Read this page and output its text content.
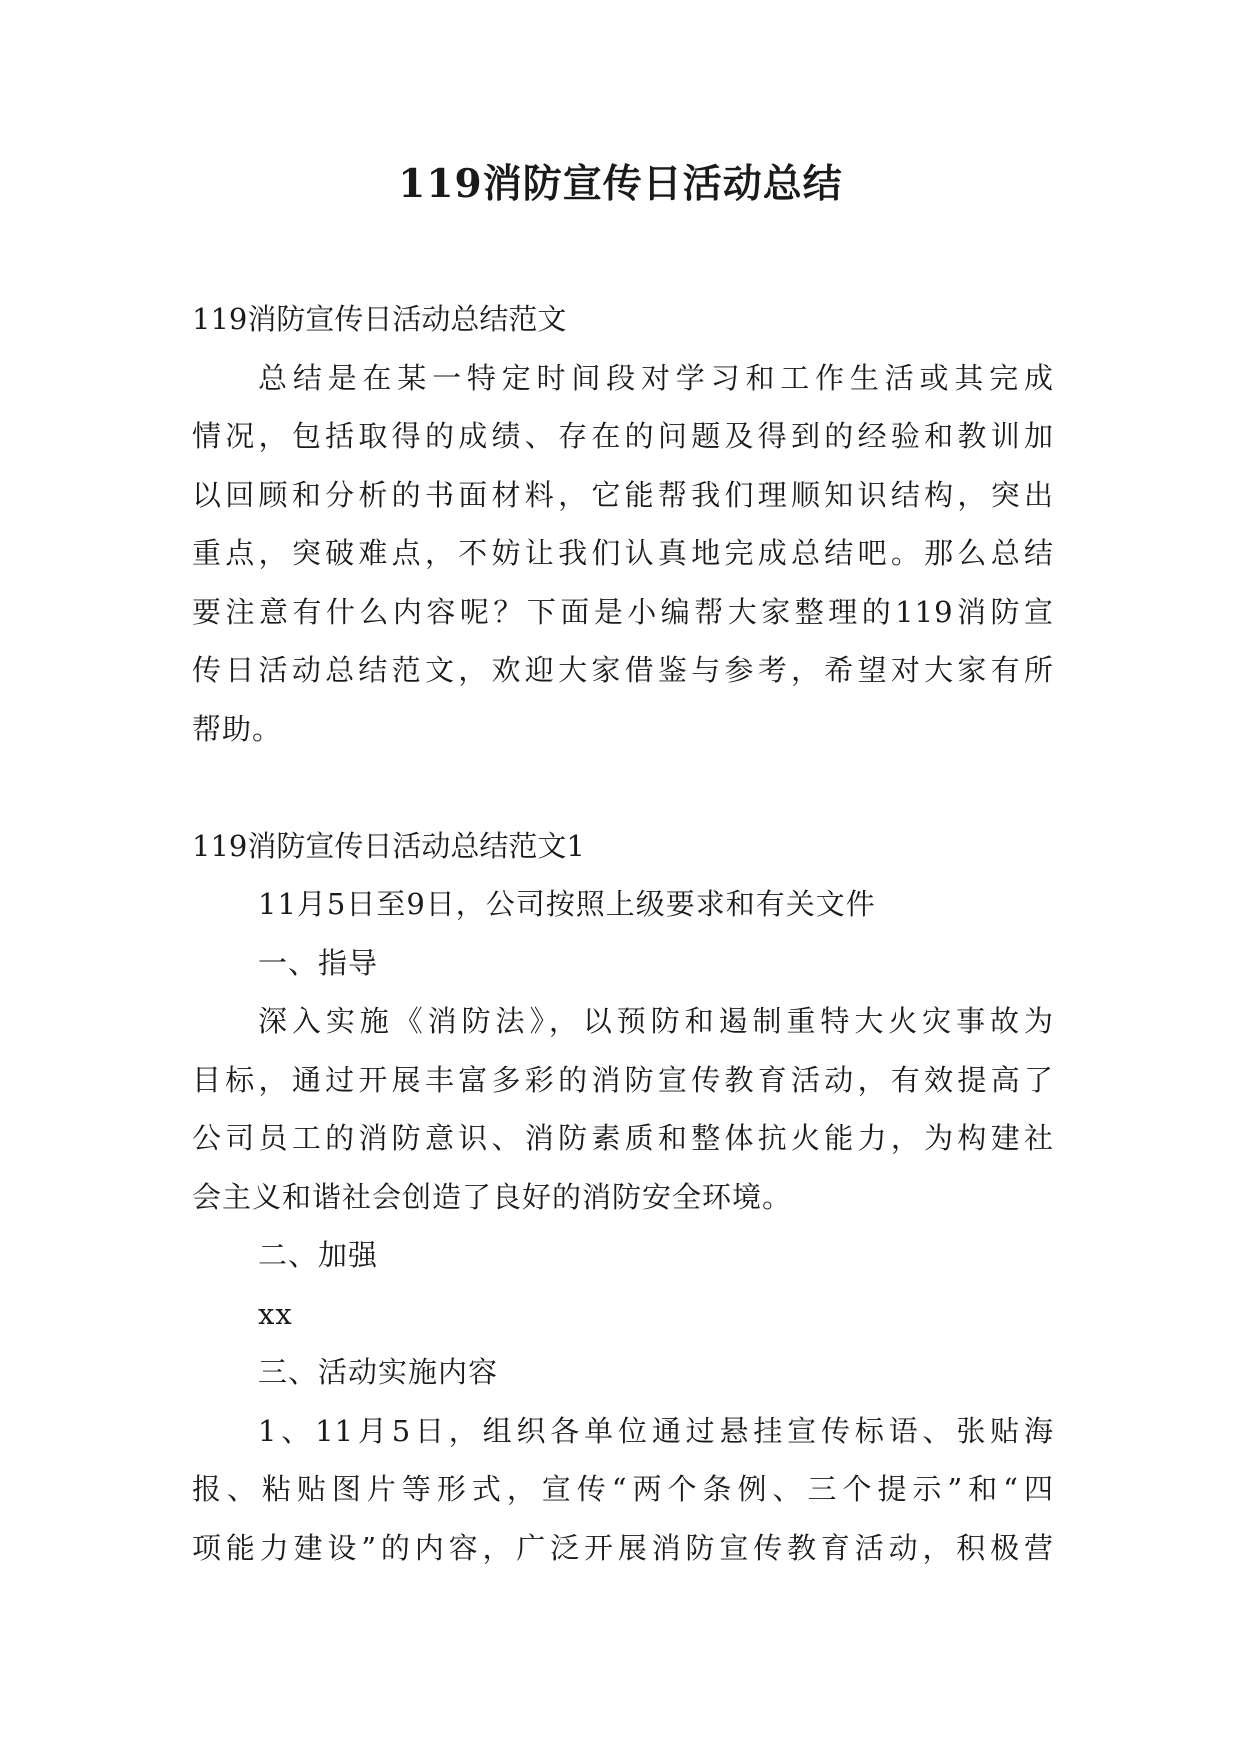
119消防宣传日活动总结

119消防宣传日活动总结范文

总结是在某一特定时间段对学习和工作生活或其完成

情况，包括取得的成绩、存在的问题及得到的经验和教训加

以回顾和分析的书面材料，它能帮我们理顺知识结构，突出

重点，突破难点，不妨让我们认真地完成总结吧。那么总结

要注意有什么内容呢？下面是小编帮大家整理的119消防宣

传日活动总结范文，欢迎大家借鉴与参考，希望对大家有所

帮助。

119消防宣传日活动总结范文1

11月5日至9日，公司按照上级要求和有关文件

一、指导

深入实施《消防法》，以预防和遏制重特大火灾事故为

目标，通过开展丰富多彩的消防宣传教育活动，有效提高了

公司员工的消防意识、消防素质和整体抗火能力，为构建社

会主义和谐社会创造了良好的消防安全环境。

二、加强

xx

三、活动实施内容

1、11月5日，组织各单位通过悬挂宣传标语、张贴海

报、粘贴图片等形式，宣传“两个条例、三个提示”和“四

项能力建设”的内容，广泛开展消防宣传教育活动，积极营
